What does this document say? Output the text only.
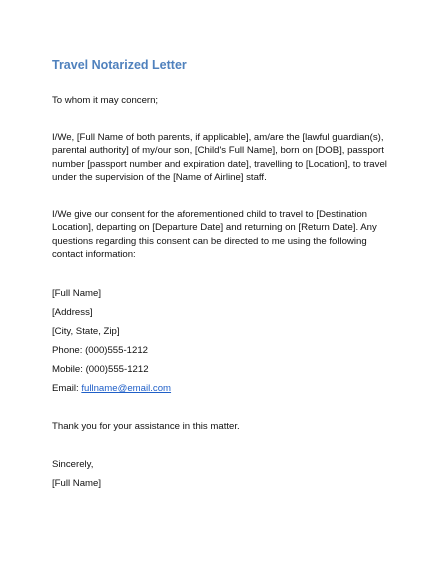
Travel Notarized Letter
To whom it may concern;
I/We, [Full Name of both parents, if applicable], am/are the [lawful guardian(s), parental authority] of my/our son, [Child's Full Name], born on [DOB], passport number [passport number and expiration date], travelling to [Location], to travel under the supervision of the [Name of Airline] staff.
I/We give our consent for the aforementioned child to travel to [Destination Location], departing on [Departure Date] and returning on [Return Date]. Any questions regarding this consent can be directed to me using the following contact information:
[Full Name]
[Address]
[City, State, Zip]
Phone: (000)555-1212
Mobile: (000)555-1212
Email: fullname@email.com
Thank you for your assistance in this matter.
Sincerely,
[Full Name]
